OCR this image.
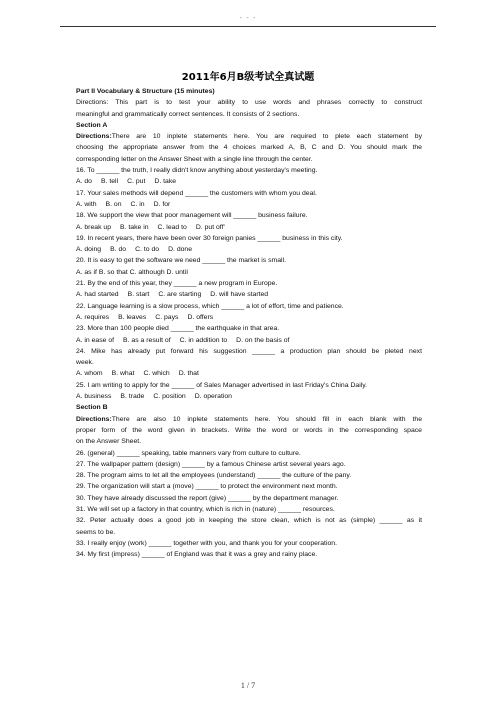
- - -
2011年6月B级考试全真试题
Part II Vocabulary & Structure (15 minutes)
Directions: This part is to test your ability to use words and phrases correctly to construct
meaningful and grammatically correct sentences. It consists of 2 sections.
Section A
Directions:There are 10 inplete statements here. You are required to plete each statement by
choosing the appropriate answer from the 4 choices marked A, B, C and D. You should mark the
corresponding letter on the Answer Sheet with a single line through the center.
16. To ______ the truth, I really didn't know anything about yesterday's meeting.
A. do B. tell C. put D. take
17. Your sales methods will depend ______ the customers with whom you deal.
A. with B. on C. in D. for
18. We support the view that poor management will ______ business failure.
A. break up B. take in C. lead to D. put off'
19. In recent years, there have been over 30 foreign panies ______ business in this city.
A. doing B. do C. to do D. done
20. It is easy to get the software we need ______ the market is small.
A. as if B. so that C. although D. until
21. By the end of this year, they ______ a new program in Europe.
A. had started B. start C. are starting D. will have started
22. Language learning is a slow process, which ______ a lot of effort, time and patience.
A. requires B. leaves C. pays D. offers
23. More than 100 people died ______ the earthquake in that area.
A. in ease of B. as a result of C. in addition to D. on the basis of
24. Mike has already put forward his suggestion ______ a production plan should be pleted next
week.
A. whom B. what C. which D. that
25. I am writing to apply for the ______ of Sales Manager advertised in last Friday's China Daily.
A. business B. trade C. position D. operation
Section B
Directions:There are also 10 inplete statements here. You should fill in each blank with the
proper form of the word given in brackets. Write the word or words in the corresponding space
on the Answer Sheet.
26. (general) ______ speaking, table manners vary from culture to culture.
27. The wallpaper pattern (design) ______ by a famous Chinese artist several years ago.
28. The program aims to let all the employees (understand) ______ the culture of the pany.
29. The organization will start a (move) ______ to protect the environment next month.
30. They have already discussed the report (give) ______ by the department manager.
31. We will set up a factory in that country, which is rich in (nature) ______ resources.
32. Peter actually does a good job in keeping the store clean, which is not as (simple) ______ as it
seems to be.
33. I really enjoy (work) ______ together with you, and thank you for your cooperation.
34. My first (impress) ______ of England was that it was a grey and rainy place.
1 / 7
